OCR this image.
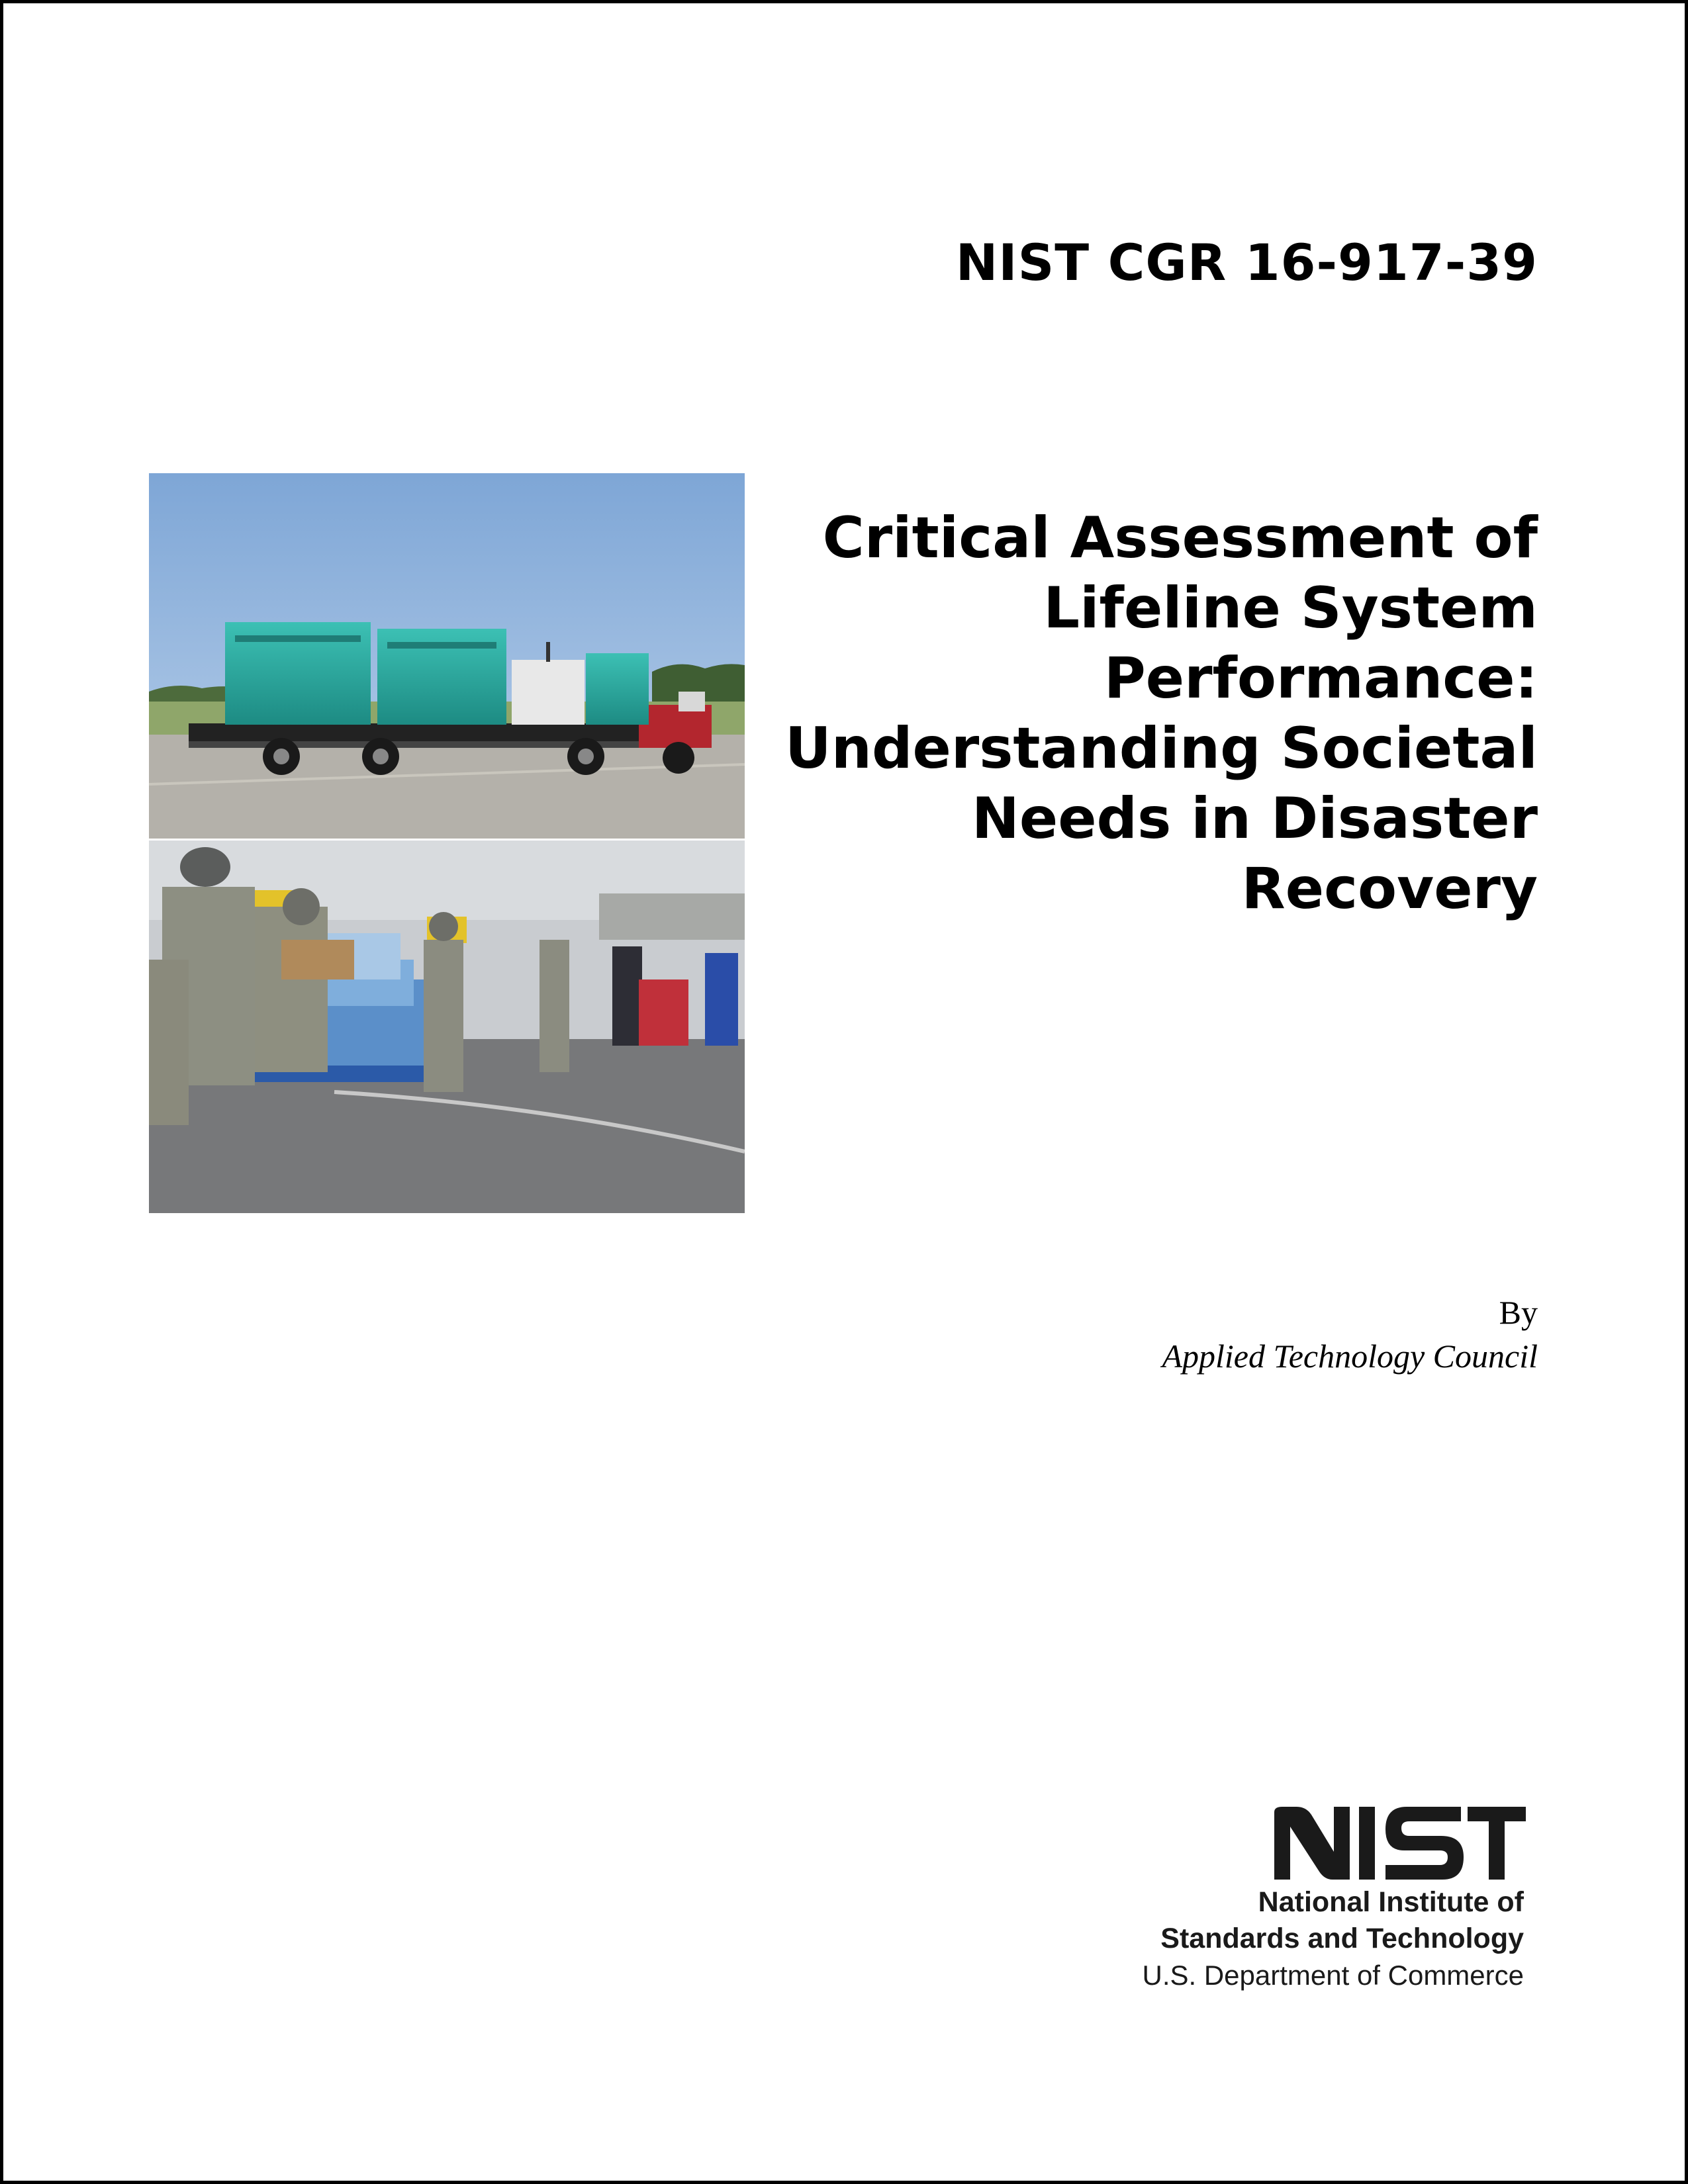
NIST CGR 16-917-39
Critical Assessment of
Lifeline System
Performance:
Understanding Societal
Needs in Disaster
Recovery
By
Applied Technology Council
National Institute of
Standards and Technology
U.S. Department of Commerce
